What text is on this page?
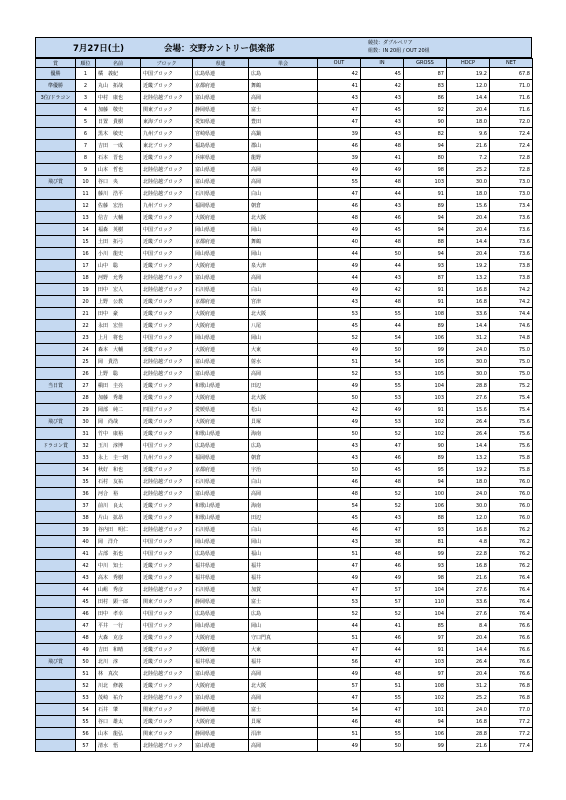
7月27日(土)	会場：交野カントリー倶楽部
競技：ダブルペリア
組数：IN 20組 / OUT 20組
賞	順位	名前	ブロック	県連	単会	OUT	IN	GROSS	HDCP	NET
優勝	1	橘　義紀	中国ブロック	広島県連	広島	42	45	87	19.2	67.8
準優勝	2	丸山　拓哉	近畿ブロック	京都府連	舞鶴	41	42	83	12.0	71.0
3位/ドラコン	3	中村　康也	北陸信越ブロック	富山県連	高岡	43	43	86	14.4	71.6
	4	加藤　敬史	関東ブロック	静岡県連	富士	47	45	92	20.4	71.6
	5	日置　貴樹	東海ブロック	愛知県連	豊田	47	43	90	18.0	72.0
	6	黒木　敏史	九州ブロック	宮崎県連	高鍋	39	43	82	9.6	72.4
	7	吉田　一成	東北ブロック	福島県連	郡山	46	48	94	21.6	72.4
	8	石本　晋也	近畿ブロック	兵庫県連	龍野	39	41	80	7.2	72.8
	9	山本　哲也	北陸信越ブロック	富山県連	高岡	49	49	98	25.2	72.8
飛び賞	10	谷口　央	北陸信越ブロック	富山県連	高岡	55	48	103	30.0	73.0
	11	藤川　浩平	北陸信越ブロック	石川県連	白山	47	44	91	18.0	73.0
	12	佐藤　宏治	九州ブロック	福岡県連	朝倉	46	43	89	15.6	73.4
	13	信吉　大輔	近畿ブロック	大阪府連	北大阪	48	46	94	20.4	73.6
	14	福森　英樹	中国ブロック	岡山県連	岡山	49	45	94	20.4	73.6
	15	土田　拓弓	近畿ブロック	京都府連	舞鶴	40	48	88	14.4	73.6
	16	小川　龍史	中国ブロック	岡山県連	岡山	44	50	94	20.4	73.6
	17	山中　聡	近畿ブロック	大阪府連	泉大津	49	44	93	19.2	73.8
	18	河野　允秀	北陸信越ブロック	富山県連	高岡	44	43	87	13.2	73.8
	19	田中　宏人	北陸信越ブロック	石川県連	白山	49	42	91	16.8	74.2
	20	上野　公教	近畿ブロック	京都府連	宮津	43	48	91	16.8	74.2
	21	田中　豪	近畿ブロック	大阪府連	北大阪	53	55	108	33.6	74.4
	22	永田　宏佳	近畿ブロック	大阪府連	八尾	45	44	89	14.4	74.6
	23	上月　将也	中国ブロック	岡山県連	岡山	52	54	106	31.2	74.8
	24	森本　大輔	近畿ブロック	大阪府連	大東	49	50	99	24.0	75.0
	25	岡　貴浩	北陸信越ブロック	富山県連	射水	51	54	105	30.0	75.0
	26	上野　聡	北陸信越ブロック	富山県連	高岡	52	53	105	30.0	75.0
当日賞	27	槇田　圭亮	近畿ブロック	和歌山県連	田辺	49	55	104	28.8	75.2
	28	加藤　秀雄	近畿ブロック	大阪府連	北大阪	50	53	103	27.6	75.4
	29	岡部　純二	四国ブロック	愛媛県連	松山	42	49	91	15.6	75.4
飛び賞	30	岡　尚哉	近畿ブロック	大阪府連	貝塚	49	53	102	26.4	75.6
	31	竹中　康裕	近畿ブロック	和歌山県連	海南	50	52	102	26.4	75.6
ドラコン賞	32	玉川　淳博	中国ブロック	広島県連	広島	43	47	90	14.4	75.6
	33	永上　圭一朗	九州ブロック	福岡県連	朝倉	43	46	89	13.2	75.8
	34	秋好　和也	近畿ブロック	京都府連	宇治	50	45	95	19.2	75.8
	35	石村　友祐	北陸信越ブロック	石川県連	白山	46	48	94	18.0	76.0
	36	河合　裕	北陸信越ブロック	富山県連	高岡	48	52	100	24.0	76.0
	37	前川　良太	近畿ブロック	和歌山県連	海南	54	52	106	30.0	76.0
	38	片山　拡昂	近畿ブロック	和歌山県連	田辺	45	43	88	12.0	76.0
	39	谷内田　明仁	北陸信越ブロック	石川県連	白山	46	47	93	16.8	76.2
	40	岡　洋介	中国ブロック	岡山県連	岡山	43	38	81	4.8	76.2
	41	占部　拓也	中国ブロック	広島県連	福山	51	48	99	22.8	76.2
	42	中川　知士	近畿ブロック	福井県連	福井	47	46	93	16.8	76.2
	43	高木　秀樹	近畿ブロック	福井県連	福井	49	49	98	21.6	76.4
	44	山岨　秀彦	北陸信越ブロック	石川県連	加賀	47	57	104	27.6	76.4
	45	田村　顕一郎	関東ブロック	静岡県連	富士	53	57	110	33.6	76.4
	46	田中　孝幸	中国ブロック	広島県連	広島	52	52	104	27.6	76.4
	47	平井　一行	中国ブロック	岡山県連	岡山	44	41	85	8.4	76.6
	48	大森　克彦	近畿ブロック	大阪府連	守口門真	51	46	97	20.4	76.6
	49	吉田　和晴	近畿ブロック	大阪府連	大東	47	44	91	14.4	76.6
飛び賞	50	北川　淳	近畿ブロック	福井県連	福井	56	47	103	26.4	76.6
	51	林　真次	北陸信越ブロック	富山県連	高岡	49	48	97	20.4	76.6
	52	川北　修義	近畿ブロック	大阪府連	北大阪	57	51	108	31.2	76.8
	53	茂崎　祐介	北陸信越ブロック	富山県連	高岡	47	55	102	25.2	76.8
	54	石井　肇	関東ブロック	静岡県連	富士	54	47	101	24.0	77.0
	55	谷口　雄太	近畿ブロック	大阪府連	貝塚	46	48	94	16.8	77.2
	56	山本　龍弘	関東ブロック	静岡県連	沼津	51	55	106	28.8	77.2
	57	清水　悟	北陸信越ブロック	富山県連	高岡	49	50	99	21.6	77.4
